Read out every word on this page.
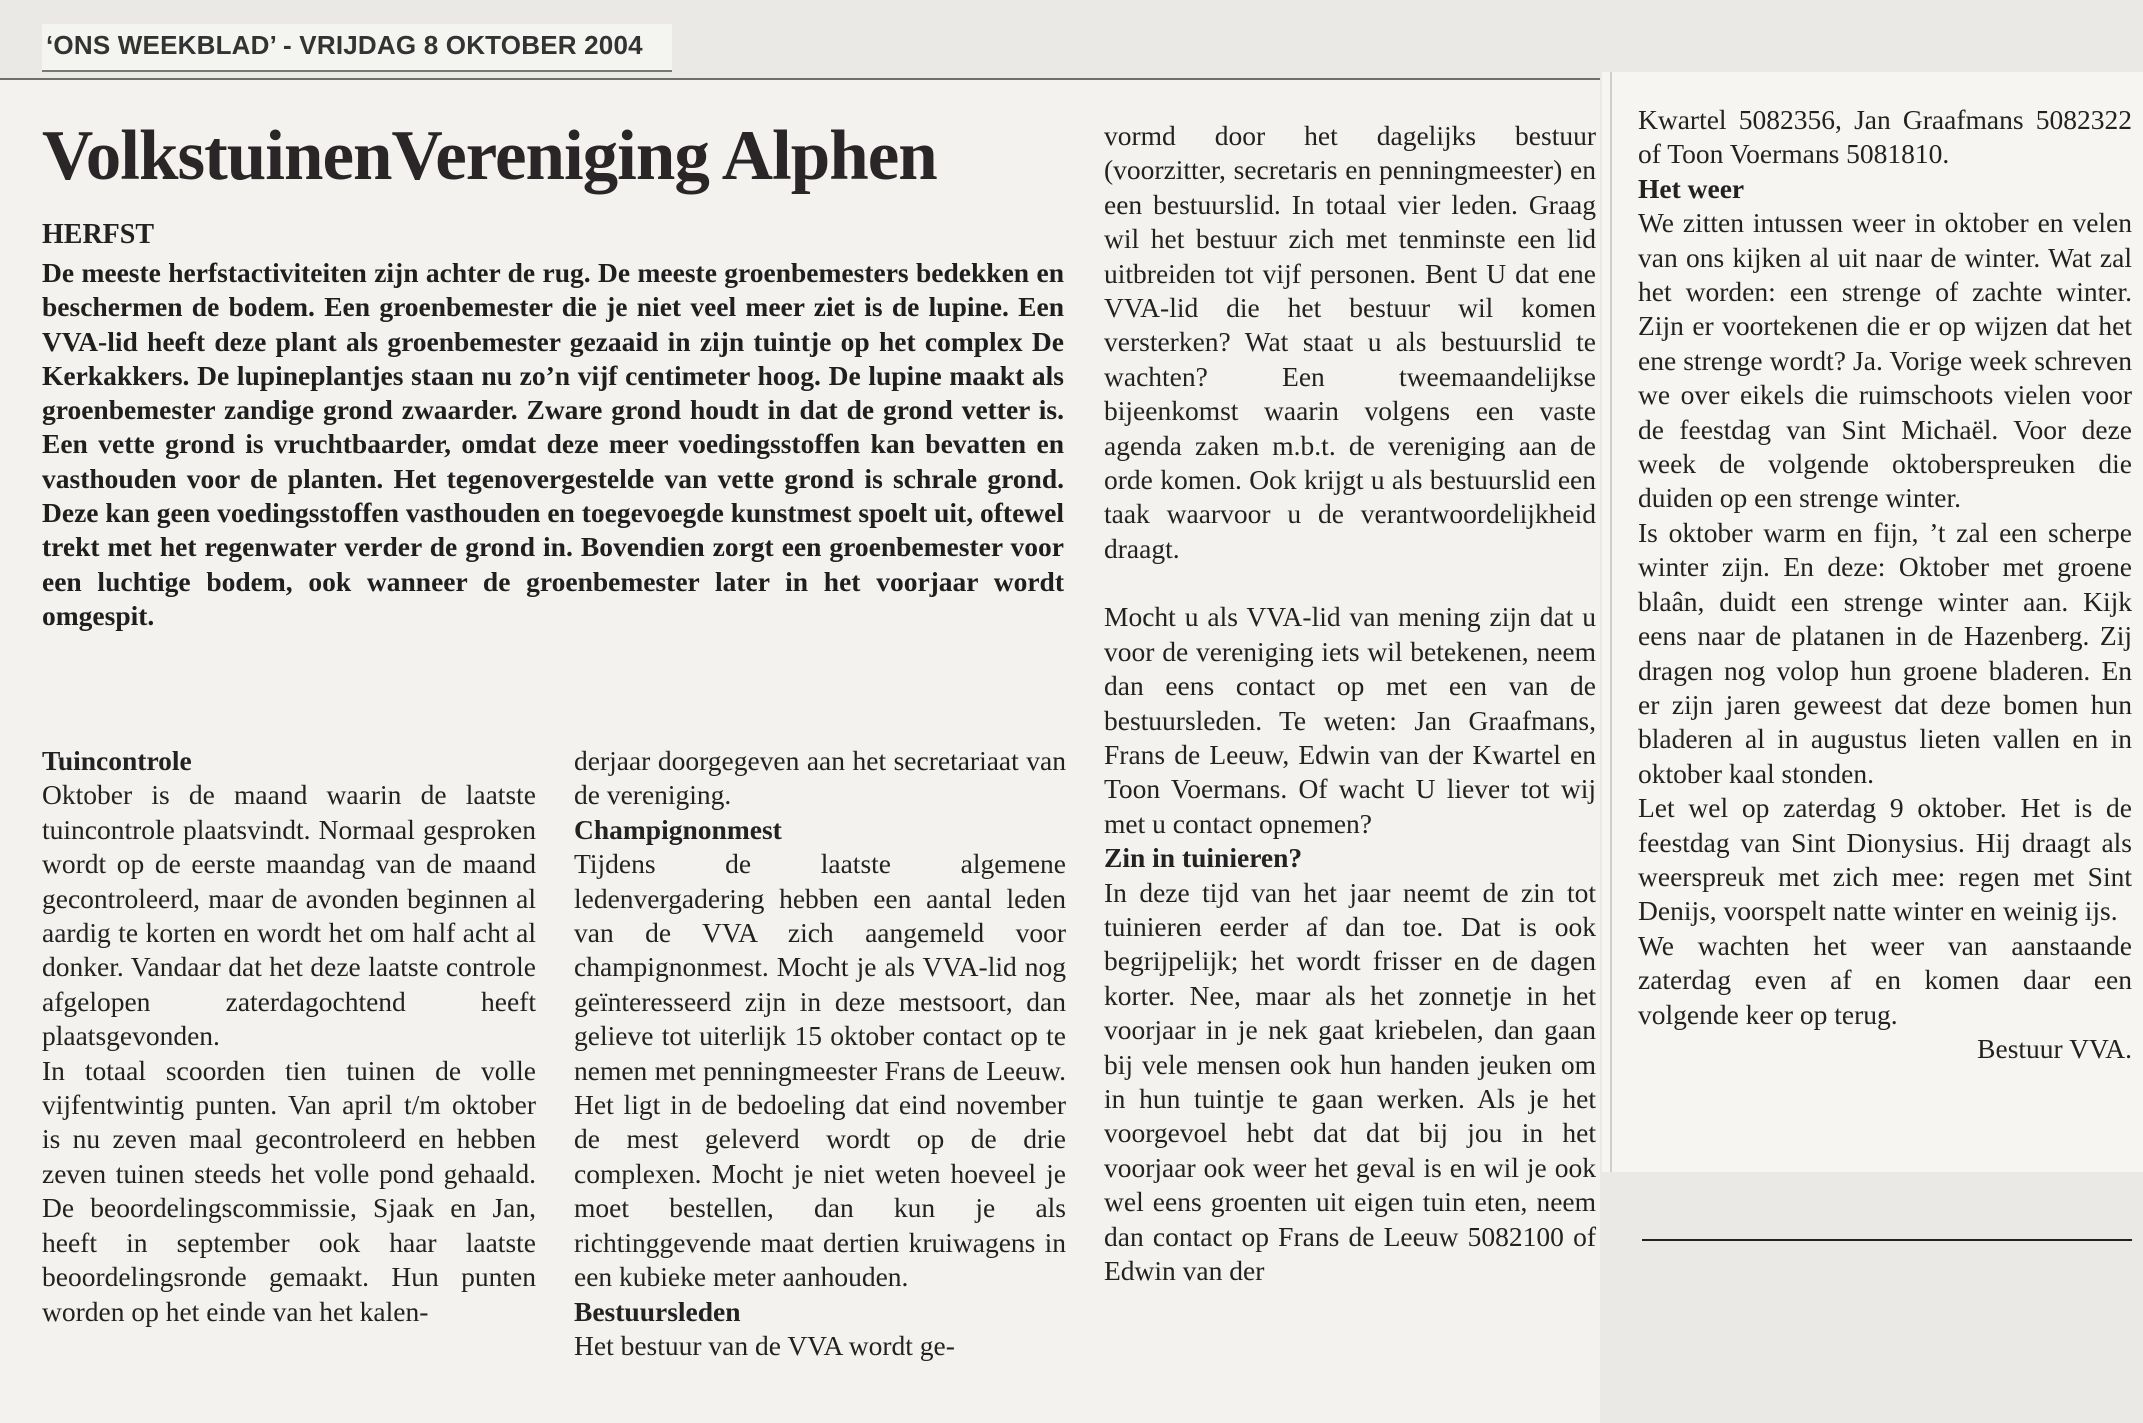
‘ONS WEEKBLAD’ - VRIJDAG 8 OKTOBER 2004
VolkstuinenVereniging Alphen
HERFST
De meeste herfstactiviteiten zijn achter de rug. De meeste groenbemesters bedekken en beschermen de bodem. Een groenbemester die je niet veel meer ziet is de lupine. Een VVA-lid heeft deze plant als groenbemester gezaaid in zijn tuintje op het complex De Kerkakkers. De lupineplantjes staan nu zo’n vijf centimeter hoog. De lupine maakt als groenbemester zandige grond zwaarder. Zware grond houdt in dat de grond vetter is. Een vette grond is vruchtbaarder, omdat deze meer voedingsstoffen kan bevatten en vasthouden voor de planten. Het tegenovergestelde van vette grond is schrale grond. Deze kan geen voedingsstoffen vasthouden en toegevoegde kunstmest spoelt uit, oftewel trekt met het regenwater verder de grond in. Bovendien zorgt een groenbemester voor een luchtige bodem, ook wanneer de groenbemester later in het voorjaar wordt omgespit.
Tuincontrole

Oktober is de maand waarin de laatste tuincontrole plaatsvindt. Normaal gesproken wordt op de eerste maandag van de maand gecontroleerd, maar de avonden beginnen al aardig te korten en wordt het om half acht al donker. Vandaar dat het deze laatste controle afgelopen zaterdagochtend heeft plaatsgevonden.

In totaal scoorden tien tuinen de volle vijfentwintig punten. Van april t/m oktober is nu zeven maal gecontroleerd en hebben zeven tuinen steeds het volle pond gehaald. De beoordelingscommissie, Sjaak en Jan, heeft in september ook haar laatste beoordelingsronde gemaakt. Hun punten worden op het einde van het kalen-

derjaar doorgegeven aan het secretariaat van de vereniging.

Champignonmest

Tijdens de laatste algemene ledenvergadering hebben een aantal leden van de VVA zich aangemeld voor champignonmest. Mocht je als VVA-lid nog geïnteresseerd zijn in deze mestsoort, dan gelieve tot uiterlijk 15 oktober contact op te nemen met penningmeester Frans de Leeuw. Het ligt in de bedoeling dat eind november de mest geleverd wordt op de drie complexen. Mocht je niet weten hoeveel je moet bestellen, dan kun je als richtinggevende maat dertien kruiwagens in een kubieke meter aanhouden.

Bestuursleden

Het bestuur van de VVA wordt ge-

vormd door het dagelijks bestuur (voorzitter, secretaris en penningmeester) en een bestuurslid. In totaal vier leden. Graag wil het bestuur zich met tenminste een lid uitbreiden tot vijf personen. Bent U dat ene VVA-lid die het bestuur wil komen versterken? Wat staat u als bestuurslid te wachten? Een tweemaandelijkse bijeenkomst waarin volgens een vaste agenda zaken m.b.t. de vereniging aan de orde komen. Ook krijgt u als bestuurslid een taak waarvoor u de verantwoordelijkheid draagt.

Mocht u als VVA-lid van mening zijn dat u voor de vereniging iets wil betekenen, neem dan eens contact op met een van de bestuursleden. Te weten: Jan Graafmans, Frans de Leeuw, Edwin van der Kwartel en Toon Voermans. Of wacht U liever tot wij met u contact opnemen?

Zin in tuinieren?

In deze tijd van het jaar neemt de zin tot tuinieren eerder af dan toe. Dat is ook begrijpelijk; het wordt frisser en de dagen korter. Nee, maar als het zonnetje in het voorjaar in je nek gaat kriebelen, dan gaan bij vele mensen ook hun handen jeuken om in hun tuintje te gaan werken. Als je het voorgevoel hebt dat dat bij jou in het voorjaar ook weer het geval is en wil je ook wel eens groenten uit eigen tuin eten, neem dan contact op Frans de Leeuw 5082100 of Edwin van der

Kwartel 5082356, Jan Graafmans 5082322 of Toon Voermans 5081810.

Het weer

We zitten intussen weer in oktober en velen van ons kijken al uit naar de winter. Wat zal het worden: een strenge of zachte winter. Zijn er voortekenen die er op wijzen dat het ene strenge wordt? Ja. Vorige week schreven we over eikels die ruimschoots vielen voor de feestdag van Sint Michaël. Voor deze week de volgende oktoberspreuken die duiden op een strenge winter.

Is oktober warm en fijn, ’t zal een scherpe winter zijn. En deze: Oktober met groene blaân, duidt een strenge winter aan. Kijk eens naar de platanen in de Hazenberg. Zij dragen nog volop hun groene bladeren. En er zijn jaren geweest dat deze bomen hun bladeren al in augustus lieten vallen en in oktober kaal stonden.

Let wel op zaterdag 9 oktober. Het is de feestdag van Sint Dionysius. Hij draagt als weerspreuk met zich mee: regen met Sint Denijs, voorspelt natte winter en weinig ijs.

We wachten het weer van aanstaande zaterdag even af en komen daar een volgende keer op terug.

Bestuur VVA.
